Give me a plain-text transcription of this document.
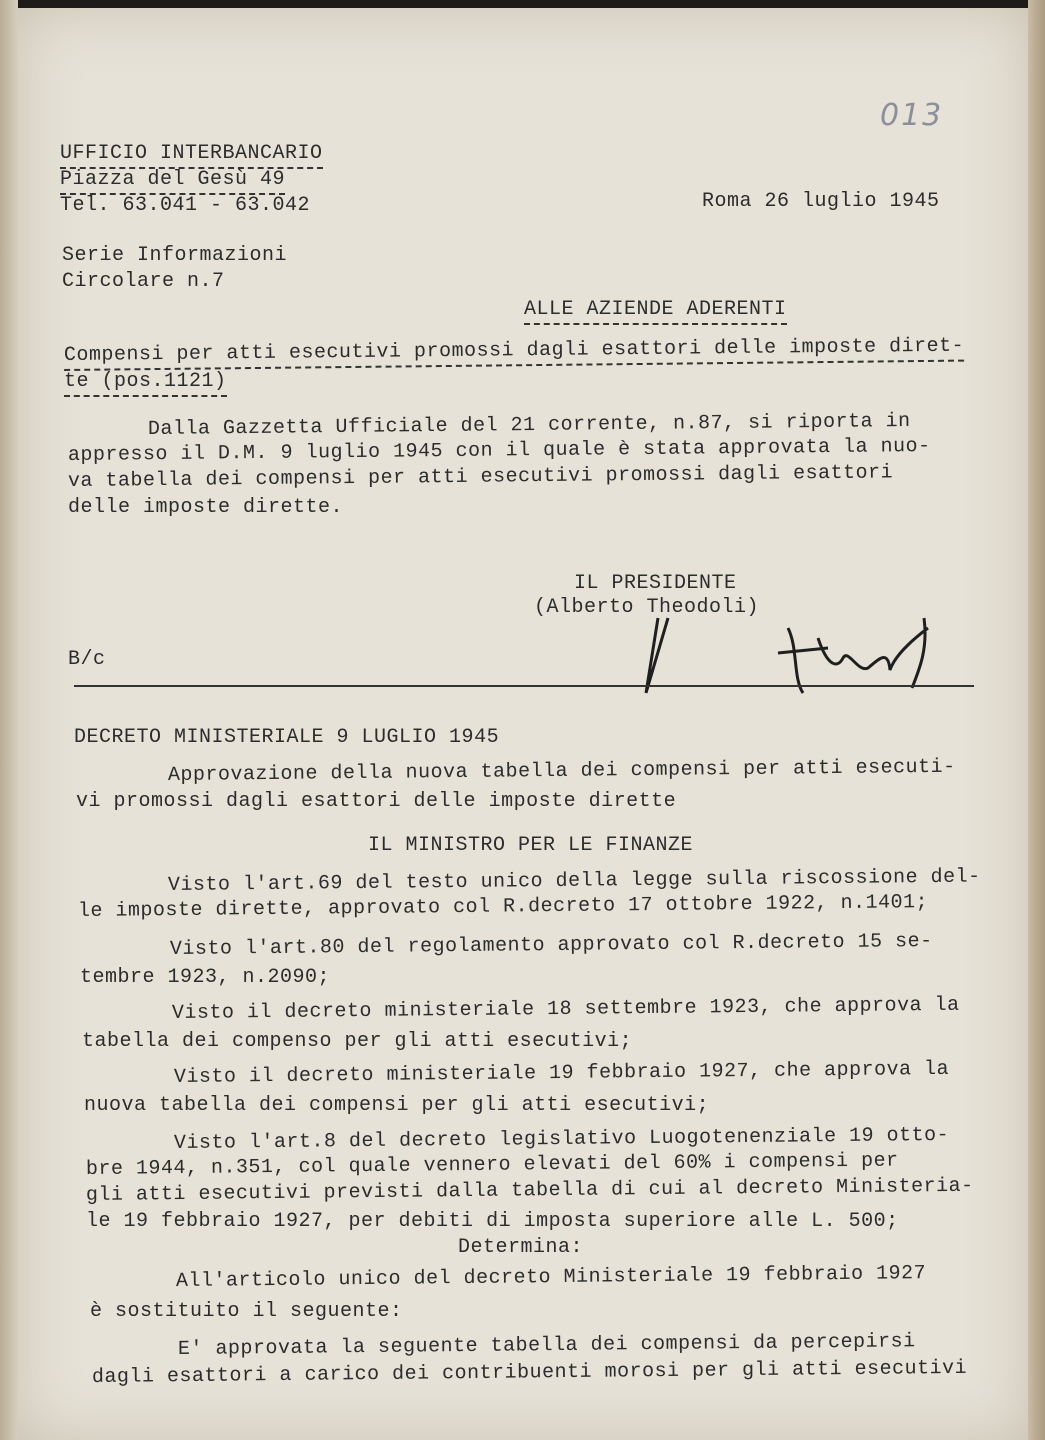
013
UFFICIO INTERBANCARIO
Piazza del Gesù 49
Tel. 63.041 - 63.042	Roma 26 luglio 1945
Serie Informazioni
Circolare n.7
ALLE AZIENDE ADERENTI
Compensi per atti esecutivi promossi dagli esattori delle imposte diret-
te (pos.1121)
Dalla Gazzetta Ufficiale del 21 corrente, n.87, si riporta in
appresso il D.M. 9 luglio 1945 con il quale è stata approvata la nuo-
va tabella dei compensi per atti esecutivi promossi dagli esattori
delle imposte dirette.
IL PRESIDENTE
(Alberto Theodoli)
B/c
DECRETO MINISTERIALE 9 LUGLIO 1945
Approvazione della nuova tabella dei compensi per atti esecuti-
vi promossi dagli esattori delle imposte dirette
IL MINISTRO PER LE FINANZE
Visto l'art.69 del testo unico della legge sulla riscossione del-
le imposte dirette, approvato col R.decreto 17 ottobre 1922, n.1401;
Visto l'art.80 del regolamento approvato col R.decreto 15 se-
tembre 1923, n.2090;
Visto il decreto ministeriale 18 settembre 1923, che approva la
tabella dei compenso per gli atti esecutivi;
Visto il decreto ministeriale 19 febbraio 1927, che approva la
nuova tabella dei compensi per gli atti esecutivi;
Visto l'art.8 del decreto legislativo Luogotenenziale 19 otto-
bre 1944, n.351, col quale vennero elevati del 60% i compensi per
gli atti esecutivi previsti dalla tabella di cui al decreto Ministeria-
le 19 febbraio 1927, per debiti di imposta superiore alle L. 500;
Determina:
All'articolo unico del decreto Ministeriale 19 febbraio 1927
è sostituito il seguente:
E' approvata la seguente tabella dei compensi da percepirsi
dagli esattori a carico dei contribuenti morosi per gli atti esecutivi
